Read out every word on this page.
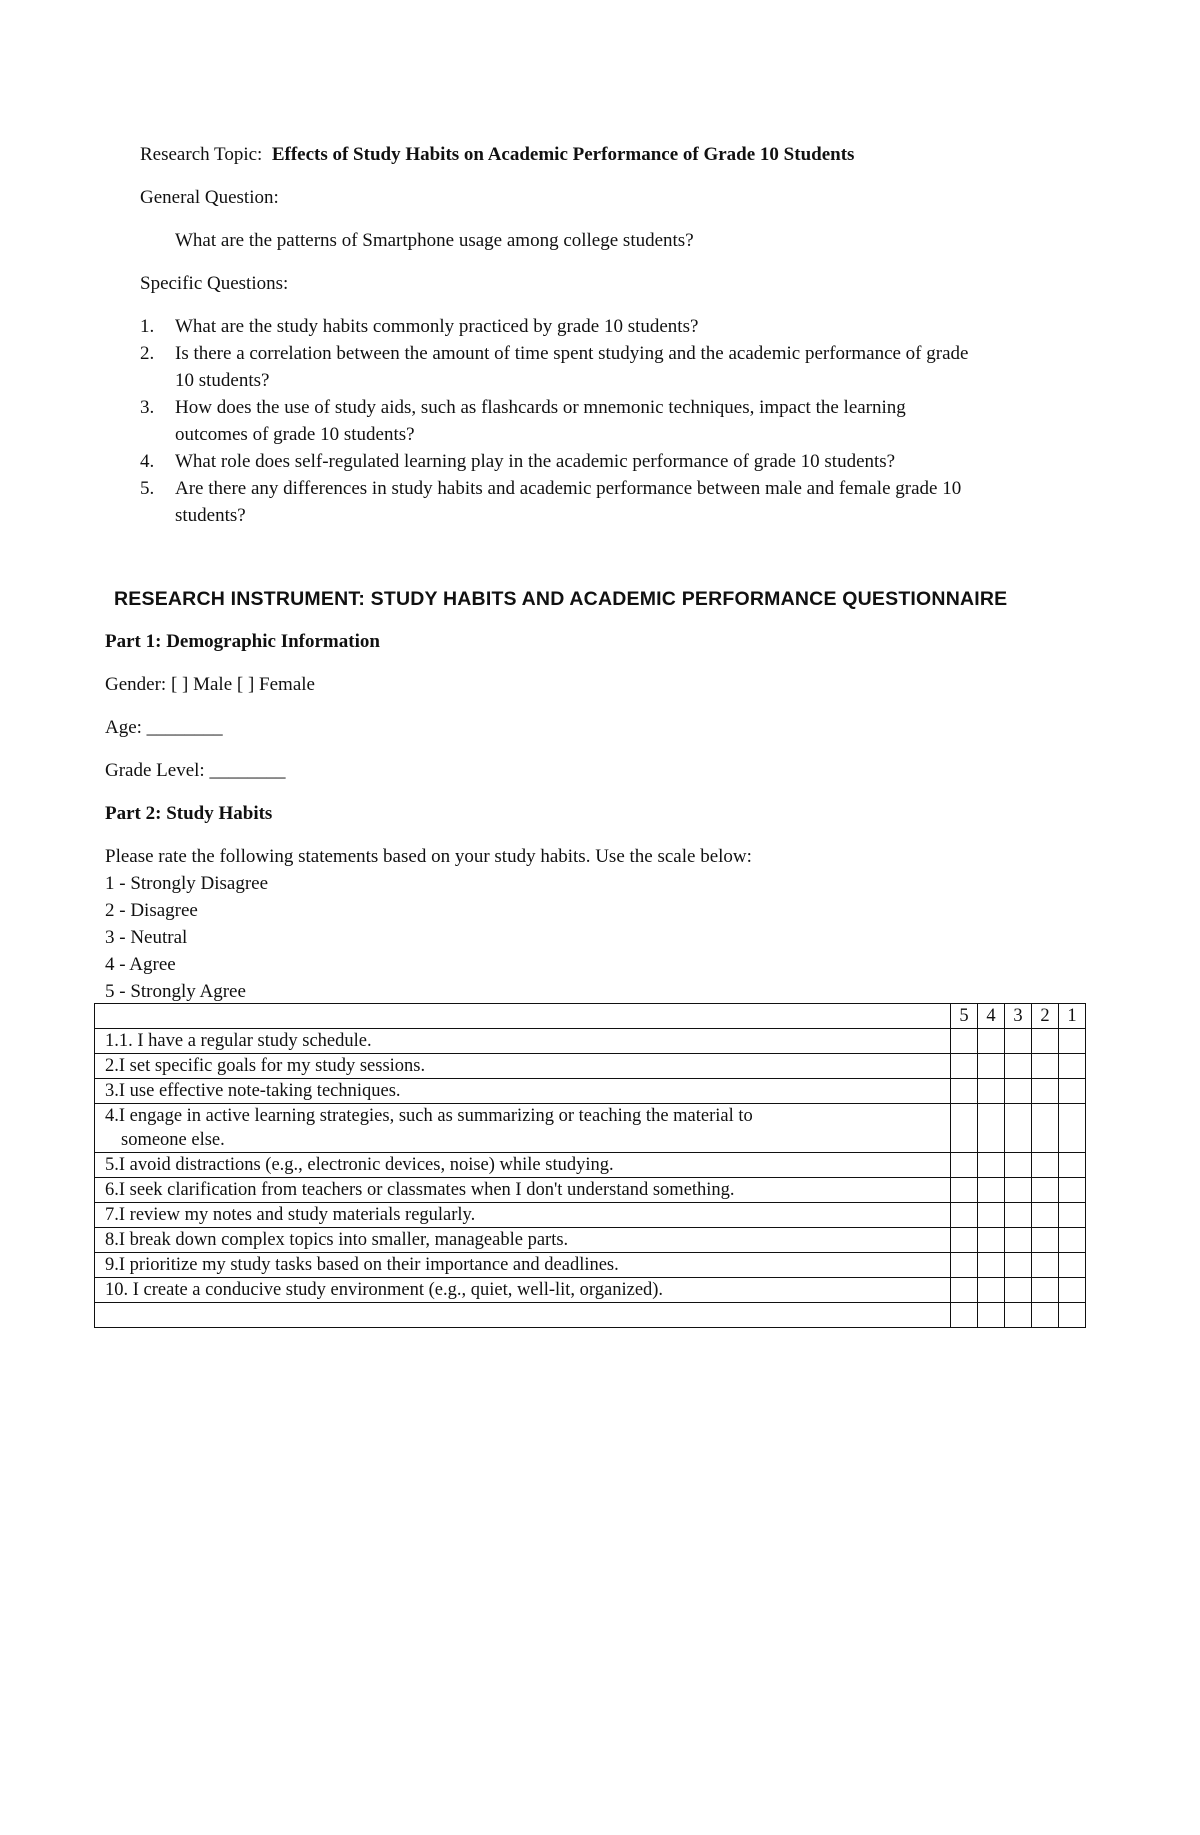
Research Topic: Effects of Study Habits on Academic Performance of Grade 10 Students
General Question:
What are the patterns of Smartphone usage among college students?
Specific Questions:
1. What are the study habits commonly practiced by grade 10 students?
2. Is there a correlation between the amount of time spent studying and the academic performance of grade
10 students?
3. How does the use of study aids, such as flashcards or mnemonic techniques, impact the learning
outcomes of grade 10 students?
4. What role does self-regulated learning play in the academic performance of grade 10 students?
5. Are there any differences in study habits and academic performance between male and female grade 10
students?
RESEARCH INSTRUMENT: STUDY HABITS AND ACADEMIC PERFORMANCE QUESTIONNAIRE
Part 1: Demographic Information
Gender: [ ] Male [ ] Female
Age: ________
Grade Level: ________
Part 2: Study Habits
Please rate the following statements based on your study habits. Use the scale below:
1 - Strongly Disagree
2 - Disagree
3 - Neutral
4 - Agree
5 - Strongly Agree
	5	4	3	2	1
1.1. I have a regular study schedule.					
2.I set specific goals for my study sessions.					
3.I use effective note-taking techniques.					

4.I engage in active learning strategies, such as summarizing or teaching the material to
someone else.					

5.I avoid distractions (e.g., electronic devices, noise) while studying.					
6.I seek clarification from teachers or classmates when I don't understand something.					
7.I review my notes and study materials regularly.					
8.I break down complex topics into smaller, manageable parts.					
9.I prioritize my study tasks based on their importance and deadlines.					
10. I create a conducive study environment (e.g., quiet, well-lit, organized).					
